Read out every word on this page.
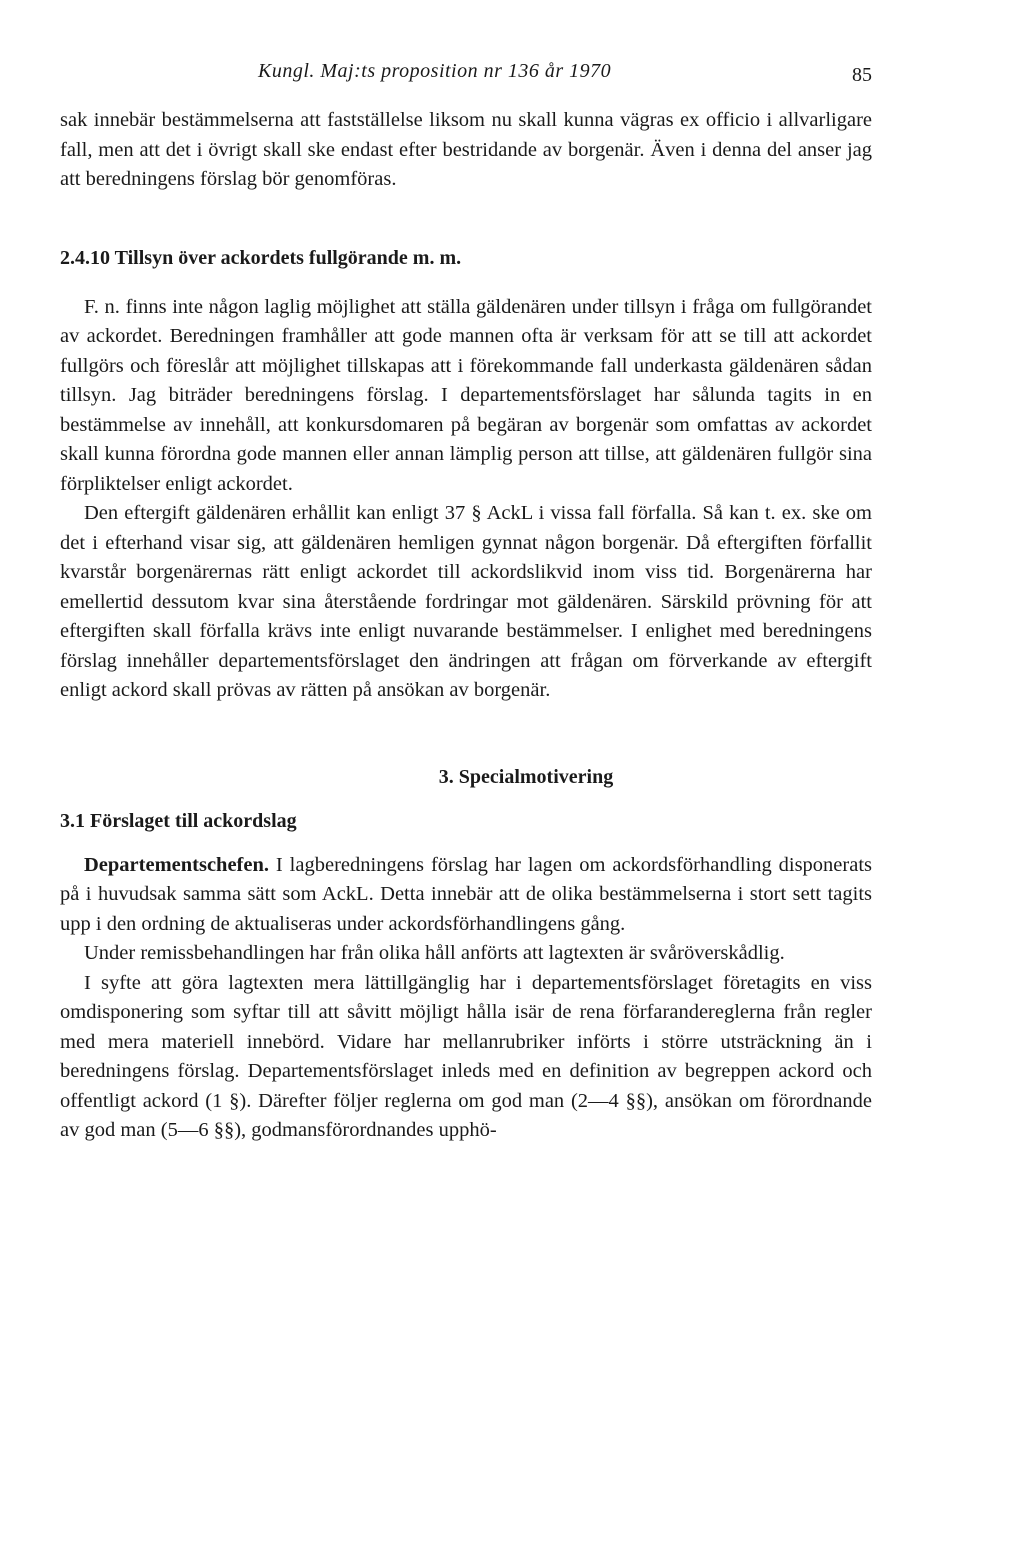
Kungl. Maj:ts proposition nr 136 år 1970	85

sak innebär bestämmelserna att fastställelse liksom nu skall kunna vägras ex officio i allvarligare fall, men att det i övrigt skall ske endast efter bestridande av borgenär. Även i denna del anser jag att beredningens förslag bör genomföras.

2.4.10 Tillsyn över ackordets fullgörande m. m.

F. n. finns inte någon laglig möjlighet att ställa gäldenären under tillsyn i fråga om fullgörandet av ackordet. Beredningen framhåller att gode mannen ofta är verksam för att se till att ackordet fullgörs och föreslår att möjlighet tillskapas att i förekommande fall underkasta gäldenären sådan tillsyn. Jag biträder beredningens förslag. I departementsförslaget har sålunda tagits in en bestämmelse av innehåll, att konkursdomaren på begäran av borgenär som omfattas av ackordet skall kunna förordna gode mannen eller annan lämplig person att tillse, att gäldenären fullgör sina förpliktelser enligt ackordet.

Den eftergift gäldenären erhållit kan enligt 37 § AckL i vissa fall förfalla. Så kan t. ex. ske om det i efterhand visar sig, att gäldenären hemligen gynnat någon borgenär. Då eftergiften förfallit kvarstår borgenärernas rätt enligt ackordet till ackordslikvid inom viss tid. Borgenärerna har emellertid dessutom kvar sina återstående fordringar mot gäldenären. Särskild prövning för att eftergiften skall förfalla krävs inte enligt nuvarande bestämmelser. I enlighet med beredningens förslag innehåller departementsförslaget den ändringen att frågan om förverkande av eftergift enligt ackord skall prövas av rätten på ansökan av borgenär.

3. Specialmotivering
3.1 Förslaget till ackordslag

Departementschefen. I lagberedningens förslag har lagen om ackordsförhandling disponerats på i huvudsak samma sätt som AckL. Detta innebär att de olika bestämmelserna i stort sett tagits upp i den ordning de aktualiseras under ackordsförhandlingens gång.

Under remissbehandlingen har från olika håll anförts att lagtexten är svåröverskådlig.

I syfte att göra lagtexten mera lättillgänglig har i departementsförslaget företagits en viss omdisponering som syftar till att såvitt möjligt hålla isär de rena förfarandereglerna från regler med mera materiell innebörd. Vidare har mellanrubriker införts i större utsträckning än i beredningens förslag. Departementsförslaget inleds med en definition av begreppen ackord och offentligt ackord (1 §). Därefter följer reglerna om god man (2—4 §§), ansökan om förordnande av god man (5—6 §§), godmansförordnandes upphö-
